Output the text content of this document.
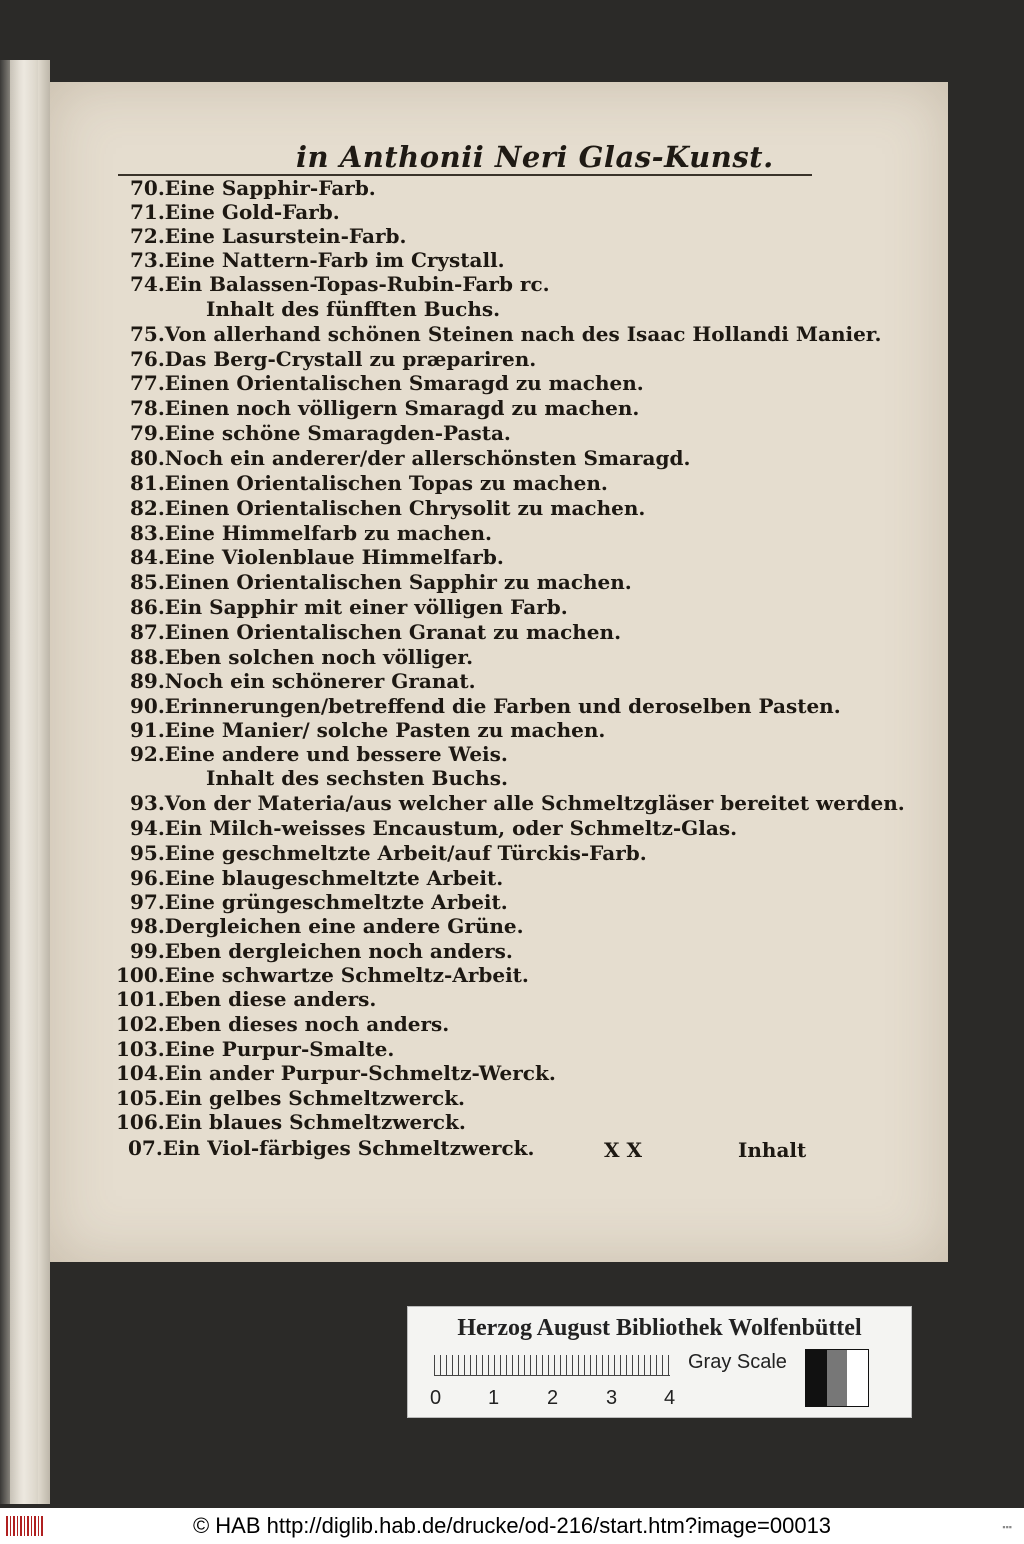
in Anthonii Neri Glas-Kunst.
70.Eine Sapphir-Farb.
71.Eine Gold-Farb.
72.Eine Lasurstein-Farb.
73.Eine Nattern-Farb im Crystall.
74.Ein Balassen-Topas-Rubin-Farb rc.
Inhalt des fünfften Buchs.
75.Von allerhand schönen Steinen nach des Isaac Hollandi Manier.
76.Das Berg-Crystall zu præpariren.
77.Einen Orientalischen Smaragd zu machen.
78.Einen noch völligern Smaragd zu machen.
79.Eine schöne Smaragden-Pasta.
80.Noch ein anderer/der allerschönsten Smaragd.
81.Einen Orientalischen Topas zu machen.
82.Einen Orientalischen Chrysolit zu machen.
83.Eine Himmelfarb zu machen.
84.Eine Violenblaue Himmelfarb.
85.Einen Orientalischen Sapphir zu machen.
86.Ein Sapphir mit einer völligen Farb.
87.Einen Orientalischen Granat zu machen.
88.Eben solchen noch völliger.
89.Noch ein schönerer Granat.
90.Erinnerungen/betreffend die Farben und deroselben Pasten.
91.Eine Manier/ solche Pasten zu machen.
92.Eine andere und bessere Weis.
Inhalt des sechsten Buchs.
93.Von der Materia/aus welcher alle Schmeltzgläser bereitet werden.
94.Ein Milch-weisses Encaustum, oder Schmeltz-Glas.
95.Eine geschmeltzte Arbeit/auf Türckis-Farb.
96.Eine blaugeschmeltzte Arbeit.
97.Eine grüngeschmeltzte Arbeit.
98.Dergleichen eine andere Grüne.
99.Eben dergleichen noch anders.
100.Eine schwartze Schmeltz-Arbeit.
101.Eben diese anders.
102.Eben dieses noch anders.
103.Eine Purpur-Smalte.
104.Ein ander Purpur-Schmeltz-Werck.
105.Ein gelbes Schmeltzwerck.
106.Ein blaues Schmeltzwerck.
07.Ein Viol-färbiges Schmeltzwerck.	X X	Inhalt
Herzog August Bibliothek Wolfenbüttel
0 1 2 3 4
Gray Scale
© HAB http://diglib.hab.de/drucke/od-216/start.htm?image=00013	▪▪▪
